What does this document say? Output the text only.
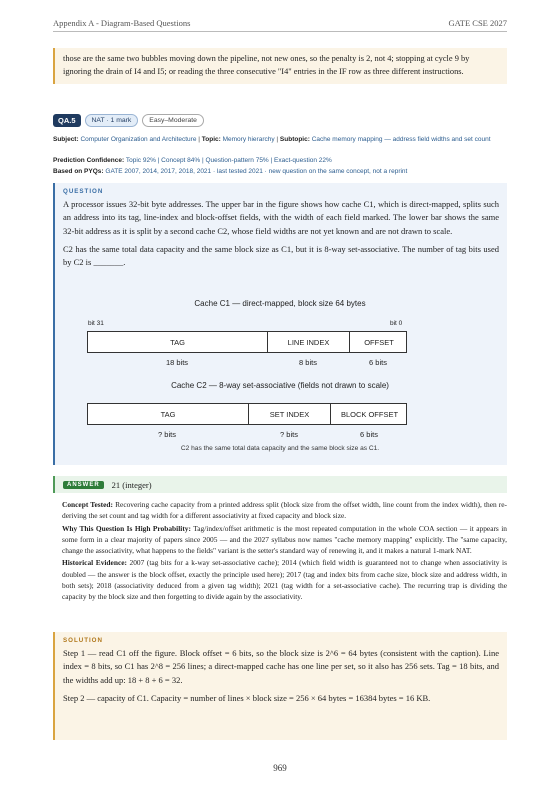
Appendix A - Diagram-Based Questions	GATE CSE 2027
those are the same two bubbles moving down the pipeline, not new ones, so the penalty is 2, not 4; stopping at cycle 9 by ignoring the drain of I4 and I5; or reading the three consecutive "I4" entries in the IF row as three different instructions.
QA.5	NAT · 1 mark	Easy–Moderate
Subject: Computer Organization and Architecture | Topic: Memory hierarchy | Subtopic: Cache memory mapping — address field widths and set count
Prediction Confidence: Topic 92% | Concept 84% | Question-pattern 75% | Exact-question 22%
Based on PYQs: GATE 2007, 2014, 2017, 2018, 2021 · last tested 2021 · new question on the same concept, not a reprint
QUESTION

A processor issues 32-bit byte addresses. The upper bar in the figure shows how cache C1, which is direct-mapped, splits such an address into its tag, line-index and block-offset fields, with the width of each field marked. The lower bar shows the same 32-bit address as it is split by a second cache C2, whose field widths are not yet known and are not drawn to scale.

C2 has the same total data capacity and the same block size as C1, but it is 8-way set-associative. The number of tag bits used by C2 is _______.

Cache C1 — direct-mapped, block size 64 bytes
bit 31	bit 0
TAG	LINE INDEX	OFFSET
18 bits	8 bits	6 bits
Cache C2 — 8-way set-associative (fields not drawn to scale)
TAG	SET INDEX	BLOCK OFFSET
? bits	? bits	6 bits
C2 has the same total data capacity and the same block size as C1.
ANSWER	21 (integer)

Concept Tested: Recovering cache capacity from a printed address split (block size from the offset width, line count from the index width), then re-deriving the set count and tag width for a different associativity at fixed capacity and block size.

Why This Question Is High Probability: Tag/index/offset arithmetic is the most repeated computation in the whole COA section — it appears in some form in a clear majority of papers since 2005 — and the 2027 syllabus now names "cache memory mapping" explicitly. The "same capacity, change the associativity, what happens to the fields" variant is the setter's standard way of renewing it, and it makes a natural 1-mark NAT.

Historical Evidence: 2007 (tag bits for a k-way set-associative cache); 2014 (which field width is guaranteed not to change when associativity is doubled — the answer is the block offset, exactly the principle used here); 2017 (tag and index bits from cache size, block size and address width, in both sets); 2018 (associativity deduced from a given tag width); 2021 (tag width for a set-associative cache). The recurring trap is dividing the capacity by the block size and then forgetting to divide again by the associativity.

SOLUTION

Step 1 — read C1 off the figure. Block offset = 6 bits, so the block size is 2^6 = 64 bytes (consistent with the caption). Line index = 8 bits, so C1 has 2^8 = 256 lines; a direct-mapped cache has one line per set, so it also has 256 sets. Tag = 18 bits, and the widths add up: 18 + 8 + 6 = 32.

Step 2 — capacity of C1. Capacity = number of lines × block size = 256 × 64 bytes = 16384 bytes = 16 KB.

969
